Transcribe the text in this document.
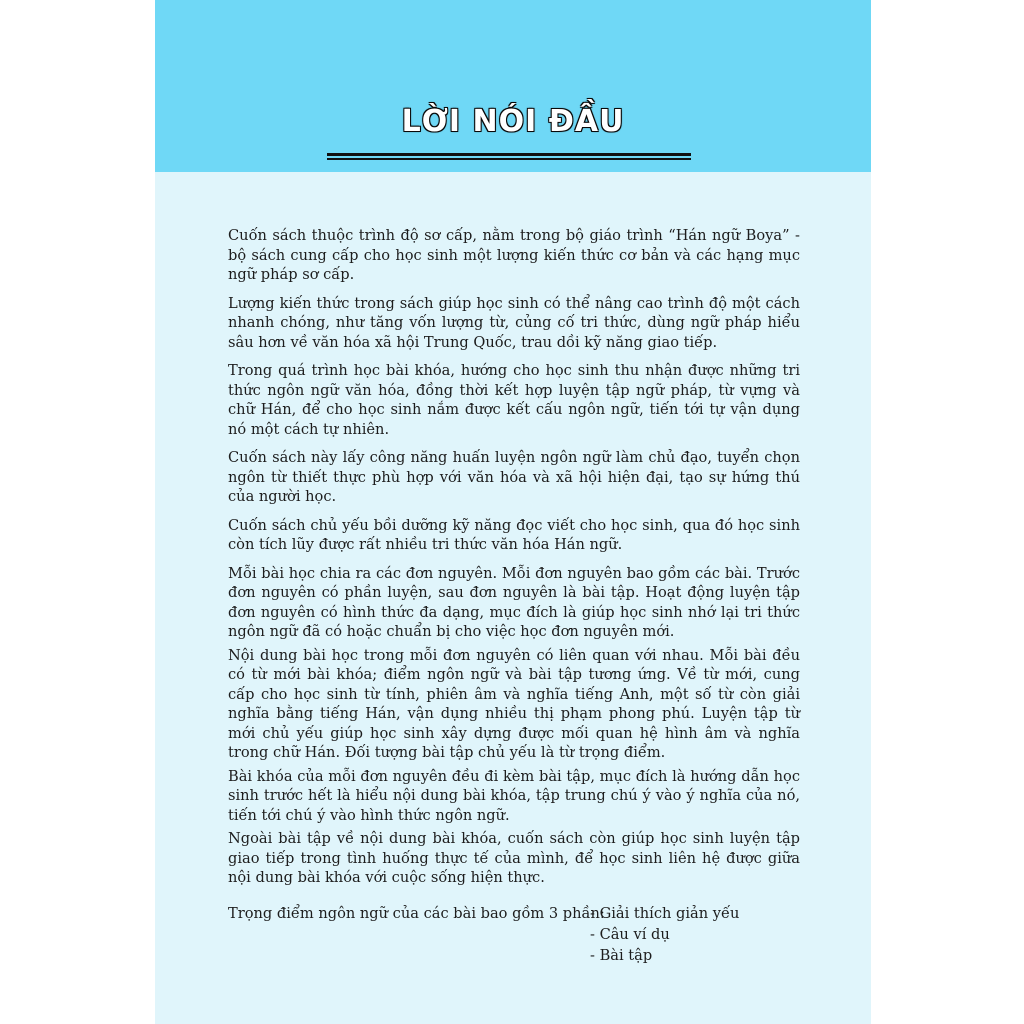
LỜI NÓI ĐẦU

Cuốn sách thuộc trình độ sơ cấp, nằm trong bộ giáo trình “Hán ngữ Boya” - bộ sách cung cấp cho học sinh một lượng kiến thức cơ bản và các hạng mục ngữ pháp sơ cấp.

Lượng kiến thức trong sách giúp học sinh có thể nâng cao trình độ một cách nhanh chóng, như tăng vốn lượng từ, củng cố tri thức, dùng ngữ pháp hiểu sâu hơn về văn hóa xã hội Trung Quốc, trau dồi kỹ năng giao tiếp.

Trong quá trình học bài khóa, hướng cho học sinh thu nhận được những tri thức ngôn ngữ văn hóa, đồng thời kết hợp luyện tập ngữ pháp, từ vựng và chữ Hán, để cho học sinh nắm được kết cấu ngôn ngữ, tiến tới tự vận dụng nó một cách tự nhiên.

Cuốn sách này lấy công năng huấn luyện ngôn ngữ làm chủ đạo, tuyển chọn ngôn từ thiết thực phù hợp với văn hóa và xã hội hiện đại, tạo sự hứng thú của người học.

Cuốn sách chủ yếu bồi dưỡng kỹ năng đọc viết cho học sinh, qua đó học sinh còn tích lũy được rất nhiều tri thức văn hóa Hán ngữ.

Mỗi bài học chia ra các đơn nguyên. Mỗi đơn nguyên bao gồm các bài. Trước đơn nguyên có phần luyện, sau đơn nguyên là bài tập. Hoạt động luyện tập đơn nguyên có hình thức đa dạng, mục đích là giúp học sinh nhớ lại tri thức ngôn ngữ đã có hoặc chuẩn bị cho việc học đơn nguyên mới.

Nội dung bài học trong mỗi đơn nguyên có liên quan với nhau. Mỗi bài đều có từ mới bài khóa; điểm ngôn ngữ và bài tập tương ứng. Về từ mới, cung cấp cho học sinh từ tính, phiên âm và nghĩa tiếng Anh, một số từ còn giải nghĩa bằng tiếng Hán, vận dụng nhiều thị phạm phong phú. Luyện tập từ mới chủ yếu giúp học sinh xây dựng được mối quan hệ hình âm và nghĩa trong chữ Hán. Đối tượng bài tập chủ yếu là từ trọng điểm.

Bài khóa của mỗi đơn nguyên đều đi kèm bài tập, mục đích là hướng dẫn học sinh trước hết là hiểu nội dung bài khóa, tập trung chú ý vào ý nghĩa của nó, tiến tới chú ý vào hình thức ngôn ngữ.

Ngoài bài tập về nội dung bài khóa, cuốn sách còn giúp học sinh luyện tập giao tiếp trong tình huống thực tế của mình, để học sinh liên hệ được giữa nội dung bài khóa với cuộc sống hiện thực.

Trọng điểm ngôn ngữ của các bài bao gồm 3 phần:
- Giải thích giản yếu
- Câu ví dụ
- Bài tập
